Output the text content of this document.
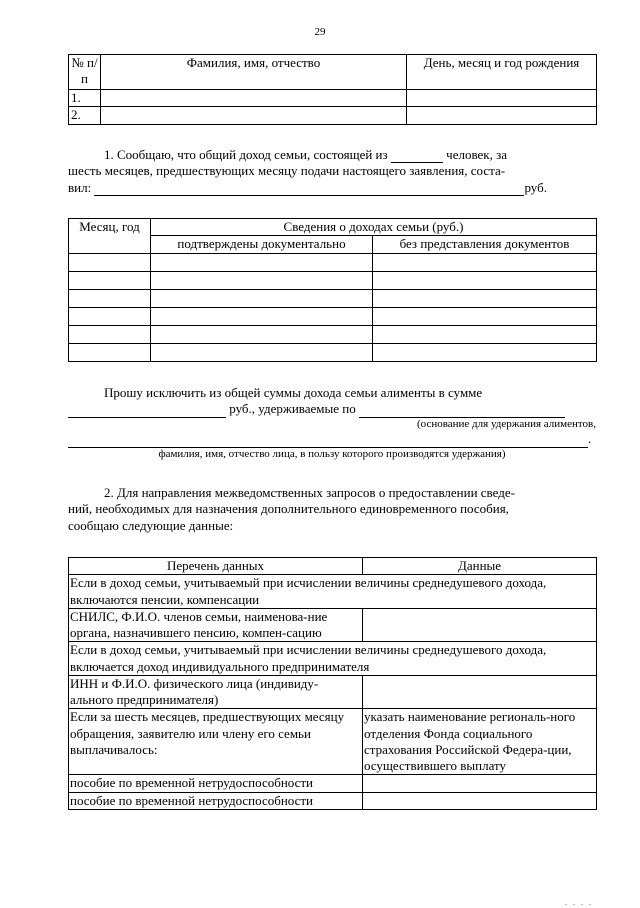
29
№ п/п	Фамилия, имя, отчество	День, месяц и год рождения
1.		
2.		
1. Сообщаю, что общий доход семьи, состоящей из	человек, за
шесть месяцев, предшествующих месяцу подачи настоящего заявления, соста-
вил:	руб.
Месяц, год	Сведения о доходах семьи (руб.)	
	подтверждены документально	без представления документов

Прошу исключить из общей суммы дохода семьи алименты в сумме
руб., удерживаемые по
(основание для удержания алиментов,
.
фамилия, имя, отчество лица, в пользу которого производятся удержания)
2. Для направления межведомственных запросов о предоставлении сведе-
ний, необходимых для назначения дополнительного единовременного пособия,
сообщаю следующие данные:
Перечень данных	Данные
Если в доход семьи, учитываемый при исчислении величины среднедушевого дохода, включаются пенсии, компенсации	
СНИЛС, Ф.И.О. членов семьи, наименова-ние органа, назначившего пенсию, компен-сацию	
Если в доход семьи, учитываемый при исчислении величины среднедушевого дохода, включается доход индивидуального предпринимателя	
ИНН и Ф.И.О. физического лица (индивиду-ального предпринимателя)	
Если за шесть месяцев, предшествующих месяцу обращения, заявителю или члену его семьи выплачивалось:	указать наименование региональ-ного отделения Фонда социального страхования Российской Федера-ции, осуществившего выплату
пособие по временной нетрудоспособности	
пособие по временной нетрудоспособности	
. . . .
